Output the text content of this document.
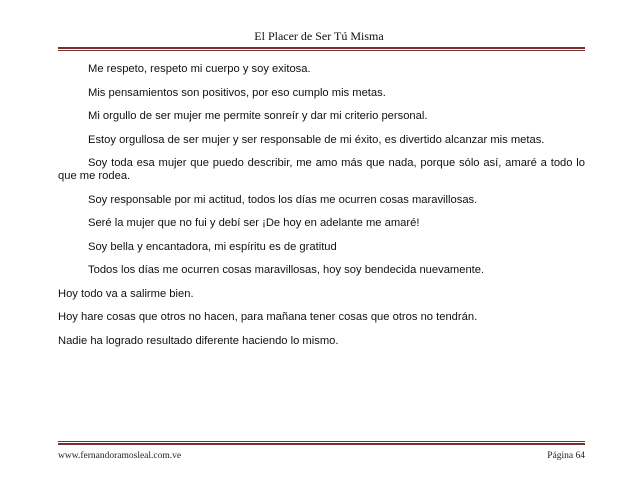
El Placer de Ser Tú Misma

Me respeto, respeto mi cuerpo y soy exitosa.

Mis pensamientos son positivos, por eso cumplo mis metas.

Mi orgullo de ser mujer me permite sonreír y dar mi criterio personal.

Estoy orgullosa de ser mujer y ser responsable de mi éxito, es divertido alcanzar mis metas.

Soy toda esa mujer que puedo describir, me amo más que nada, porque sólo así, amaré a todo lo que me rodea.

Soy responsable por mi actitud, todos los días me ocurren cosas maravillosas.

Seré la mujer que no fui y debí ser ¡De hoy en adelante me amaré!

Soy bella y encantadora, mi espíritu es de gratitud

Todos los días me ocurren cosas maravillosas, hoy soy bendecida nuevamente.

Hoy todo va a salirme bien.

Hoy hare cosas que otros no hacen, para mañana tener cosas que otros no tendrán.

Nadie ha logrado resultado diferente haciendo lo mismo.

www.fernandoramosleal.com.ve	Página 64
